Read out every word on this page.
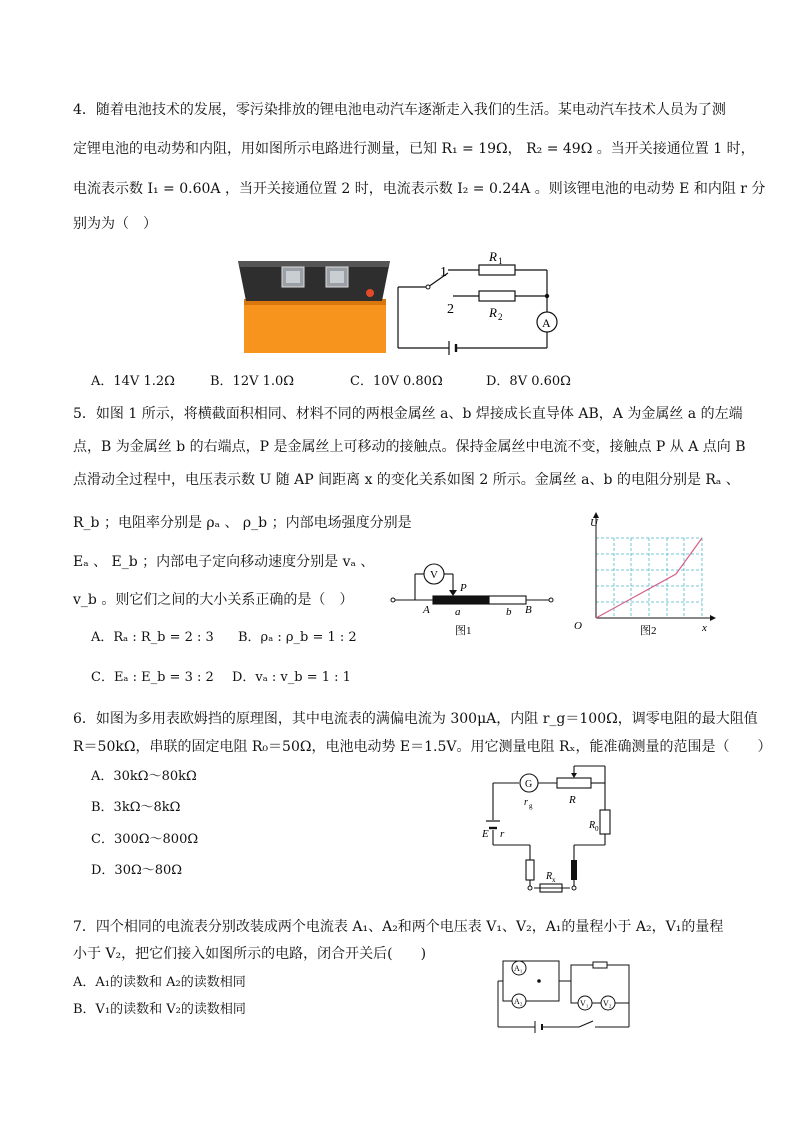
4．随着电池技术的发展，零污染排放的锂电池电动汽车逐渐走入我们的生活。某电动汽车技术人员为了测
定锂电池的电动势和内阻，用如图所示电路进行测量，已知 R₁ = 19Ω， R₂ = 49Ω 。当开关接通位置 1 时，
电流表示数 I₁ = 0.60A ，当开关接通位置 2 时，电流表示数 I₂ = 0.24A 。则该锂电池的电动势 E 和内阻 r 分
别为为（　）
R 1
R 2
1
2
A
A．14V 1.2Ω	B．12V 1.0Ω	C．10V 0.80Ω	D．8V 0.60Ω
5．如图 1 所示，将横截面积相同、材料不同的两根金属丝 a、b 焊接成长直导体 AB，A 为金属丝 a 的左端
点，B 为金属丝 b 的右端点，P 是金属丝上可移动的接触点。保持金属丝中电流不变，接触点 P 从 A 点向 B
点滑动全过程中，电压表示数 U 随 AP 间距离 x 的变化关系如图 2 所示。金属丝 a、b 的电阻分别是 Rₐ 、
R_b ；电阻率分别是 ρₐ 、 ρ_b ；内部电场强度分别是
Eₐ 、 E_b ；内部电子定向移动速度分别是 vₐ 、
v_b 。则它们之间的大小关系正确的是（　）
V
P
A a	b B
图1
U
x
O	图2
A．Rₐ : R_b = 2 : 3 B．ρₐ : ρ_b = 1 : 2
C．Eₐ : E_b = 3 : 2 D．vₐ : v_b = 1 : 1
6．如图为多用表欧姆挡的原理图，其中电流表的满偏电流为 300μA，内阻 r_g＝100Ω，调零电阻的最大阻值
R＝50kΩ，串联的固定电阻 R₀＝50Ω，电池电动势 E＝1.5V。用它测量电阻 Rₓ，能准确测量的范围是（　　）
A．30kΩ～80kΩ
B．3kΩ～8kΩ
C．300Ω～800Ω
D．30Ω～80Ω
G
r g	R
R 0
E r
R x
7．四个相同的电流表分别改装成两个电流表 A₁、A₂和两个电压表 V₁、V₂，A₁的量程小于 A₂，V₁的量程
小于 V₂，把它们接入如图所示的电路，闭合开关后(　　)
A．A₁的读数和 A₂的读数相同
B．V₁的读数和 V₂的读数相同
A₁
A₂	V₁ V₂
